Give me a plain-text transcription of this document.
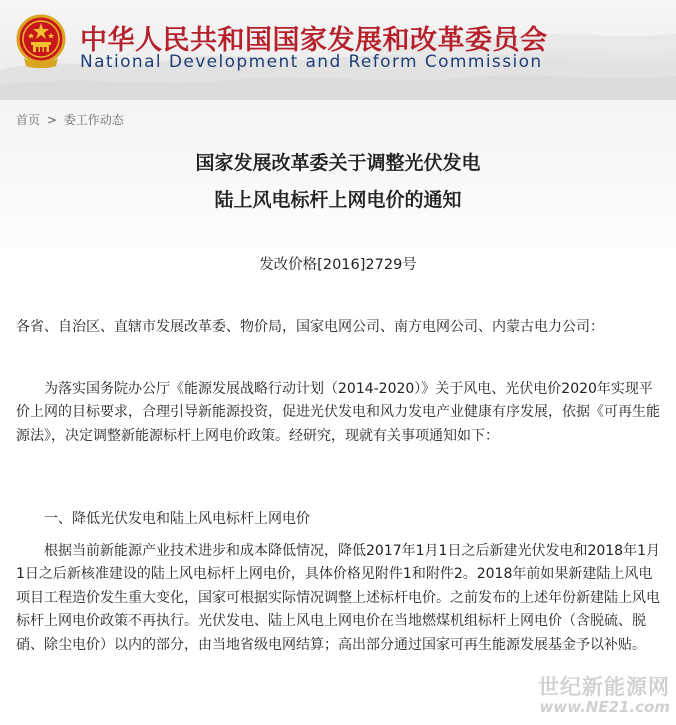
中华人民共和国国家发展和改革委员会
National Development and Reform Commission
首页 > 委工作动态
国家发展改革委关于调整光伏发电
陆上风电标杆上网电价的通知
发改价格[2016]2729号
各省、自治区、直辖市发展改革委、物价局，国家电网公司、南方电网公司、内蒙古电力公司：
为落实国务院办公厅《能源发展战略行动计划（2014-2020）》关于风电、光伏电价2020年实现平价上网的目标要求，合理引导新能源投资，促进光伏发电和风力发电产业健康有序发展，依据《可再生能源法》，决定调整新能源标杆上网电价政策。经研究，现就有关事项通知如下：
一、降低光伏发电和陆上风电标杆上网电价
根据当前新能源产业技术进步和成本降低情况，降低2017年1月1日之后新建光伏发电和2018年1月1日之后新核准建设的陆上风电标杆上网电价，具体价格见附件1和附件2。2018年前如果新建陆上风电项目工程造价发生重大变化，国家可根据实际情况调整上述标杆电价。之前发布的上述年份新建陆上风电标杆上网电价政策不再执行。光伏发电、陆上风电上网电价在当地燃煤机组标杆上网电价（含脱硫、脱硝、除尘电价）以内的部分，由当地省级电网结算；高出部分通过国家可再生能源发展基金予以补贴。
世纪新能源网
www.NE21.com
